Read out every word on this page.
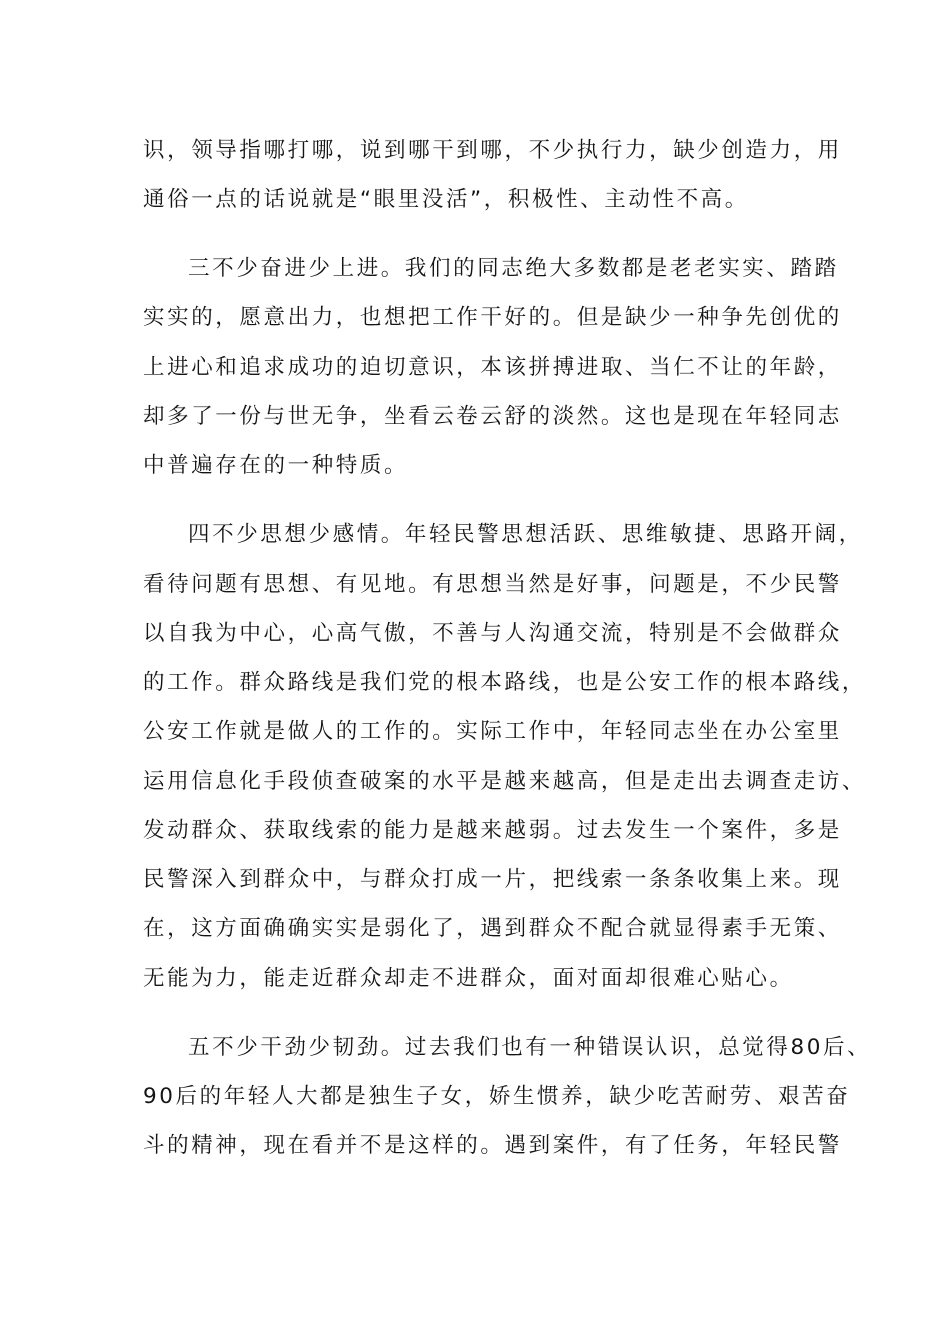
识，领导指哪打哪，说到哪干到哪，不少执行力，缺少创造力，用
通俗一点的话说就是“眼里没活”，积极性、主动性不高。
三不少奋进少上进。我们的同志绝大多数都是老老实实、踏踏
实实的，愿意出力，也想把工作干好的。但是缺少一种争先创优的
上进心和追求成功的迫切意识，本该拼搏进取、当仁不让的年龄，
却多了一份与世无争，坐看云卷云舒的淡然。这也是现在年轻同志
中普遍存在的一种特质。
四不少思想少感情。年轻民警思想活跃、思维敏捷、思路开阔，
看待问题有思想、有见地。有思想当然是好事，问题是，不少民警
以自我为中心，心高气傲，不善与人沟通交流，特别是不会做群众
的工作。群众路线是我们党的根本路线，也是公安工作的根本路线，
公安工作就是做人的工作的。实际工作中，年轻同志坐在办公室里
运用信息化手段侦查破案的水平是越来越高，但是走出去调查走访、
发动群众、获取线索的能力是越来越弱。过去发生一个案件，多是
民警深入到群众中，与群众打成一片，把线索一条条收集上来。现
在，这方面确确实实是弱化了，遇到群众不配合就显得素手无策、
无能为力，能走近群众却走不进群众，面对面却很难心贴心。
五不少干劲少韧劲。过去我们也有一种错误认识，总觉得80后、
90后的年轻人大都是独生子女，娇生惯养，缺少吃苦耐劳、艰苦奋
斗的精神，现在看并不是这样的。遇到案件，有了任务，年轻民警
